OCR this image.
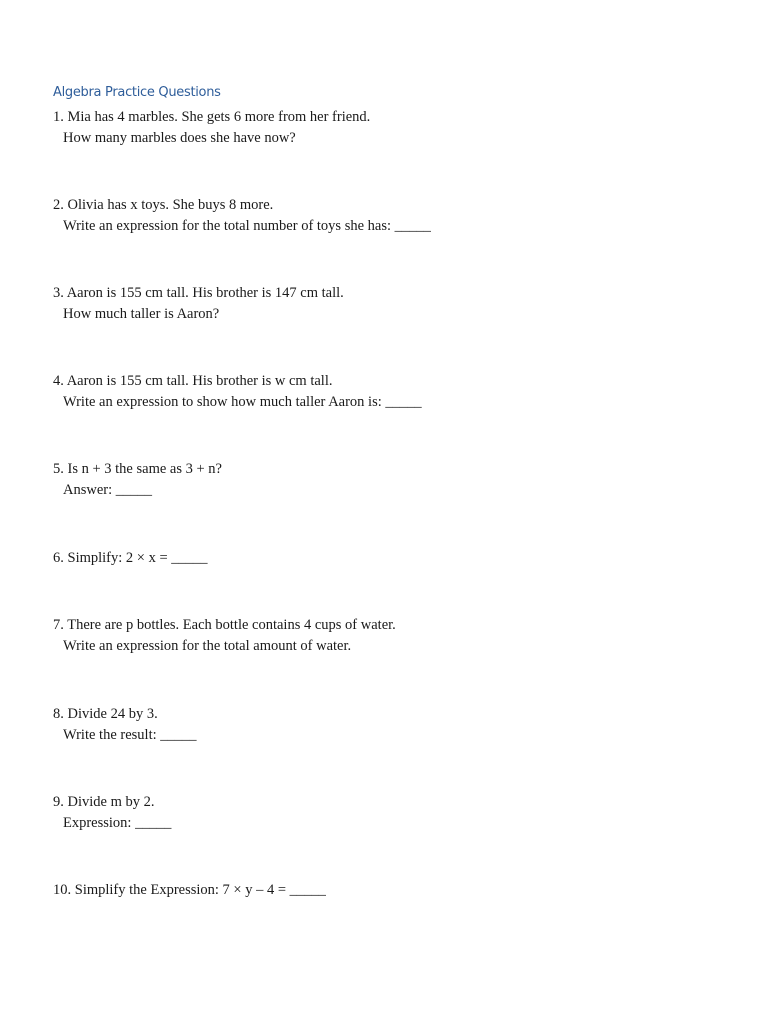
Algebra Practice Questions
1. Mia has 4 marbles. She gets 6 more from her friend.
How many marbles does she have now?
2. Olivia has x toys. She buys 8 more.
Write an expression for the total number of toys she has: _____
3. Aaron is 155 cm tall. His brother is 147 cm tall.
How much taller is Aaron?
4. Aaron is 155 cm tall. His brother is w cm tall.
Write an expression to show how much taller Aaron is: _____
5. Is n + 3 the same as 3 + n?
Answer: _____
6. Simplify: 2 × x = _____
7. There are p bottles. Each bottle contains 4 cups of water.
Write an expression for the total amount of water.
8. Divide 24 by 3.
Write the result: _____
9. Divide m by 2.
Expression: _____
10. Simplify the Expression: 7 × y – 4 = _____
